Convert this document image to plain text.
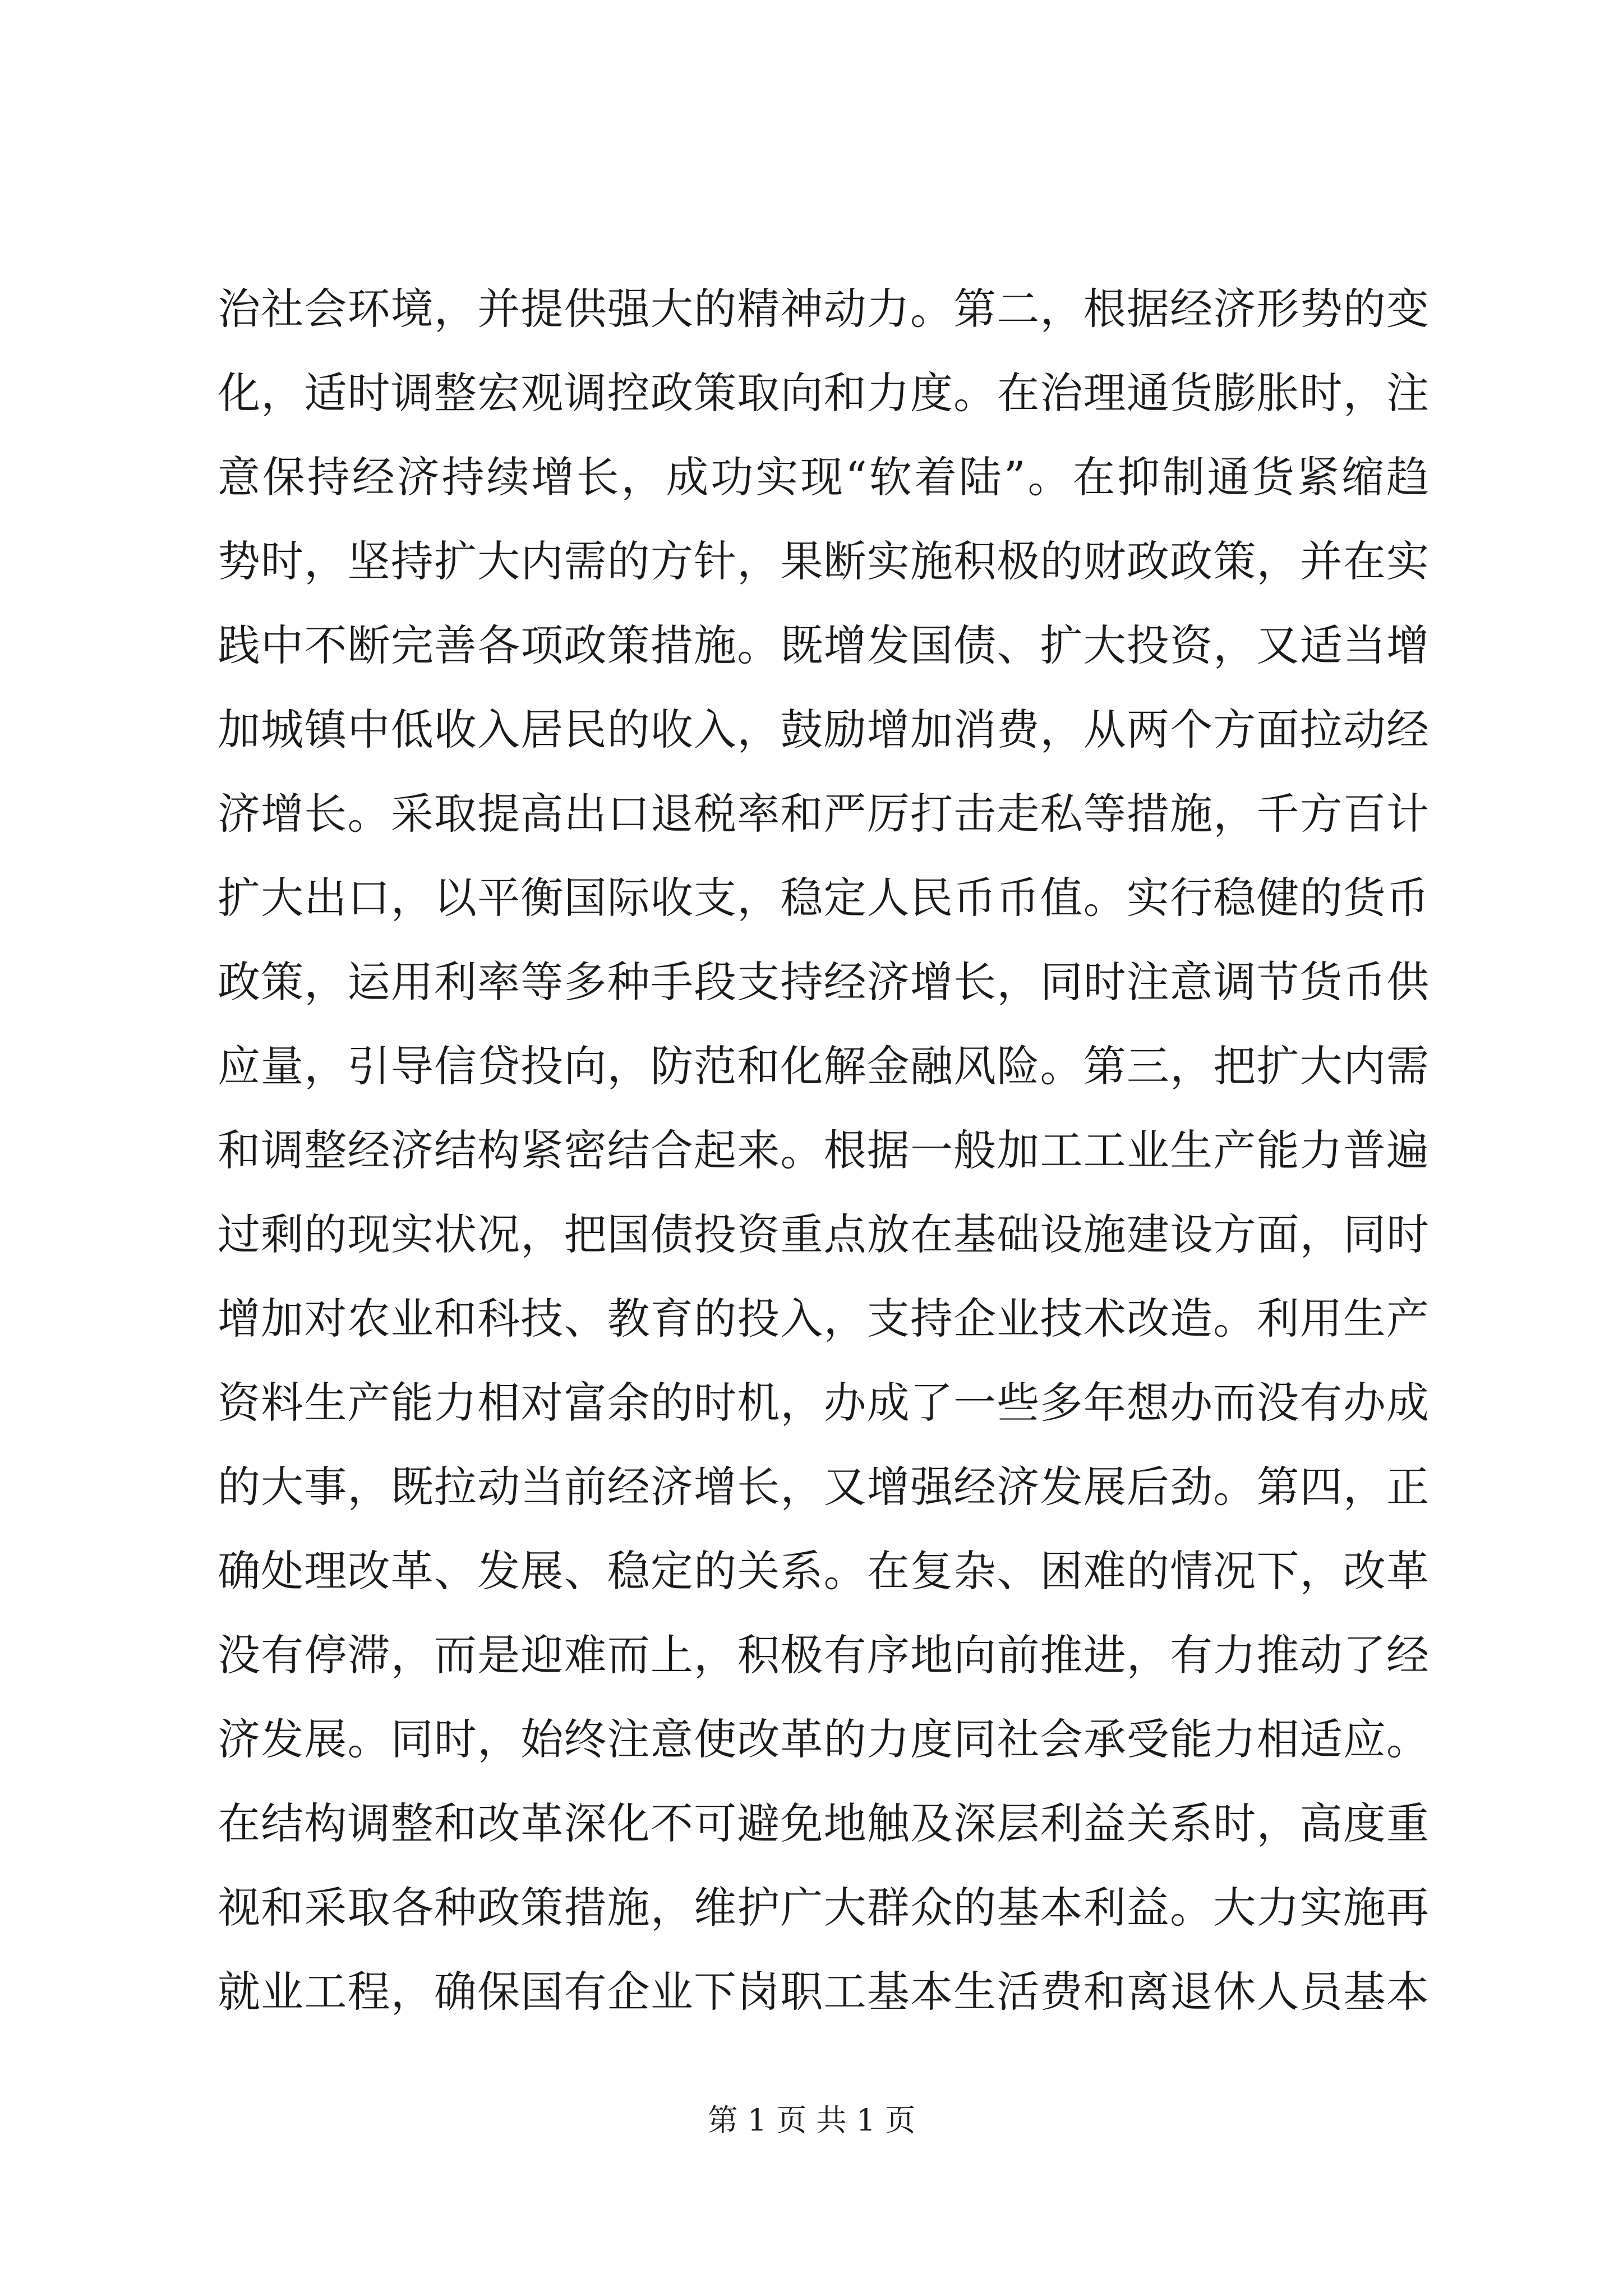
治社会环境，并提供强大的精神动力。第二，根据经济形势的变
化，适时调整宏观调控政策取向和力度。在治理通货膨胀时，注
意保持经济持续增长，成功实现“软着陆”。在抑制通货紧缩趋
势时，坚持扩大内需的方针，果断实施积极的财政政策，并在实
践中不断完善各项政策措施。既增发国债、扩大投资，又适当增
加城镇中低收入居民的收入，鼓励增加消费，从两个方面拉动经
济增长。采取提高出口退税率和严厉打击走私等措施，千方百计
扩大出口，以平衡国际收支，稳定人民币币值。实行稳健的货币
政策，运用利率等多种手段支持经济增长，同时注意调节货币供
应量，引导信贷投向，防范和化解金融风险。第三，把扩大内需
和调整经济结构紧密结合起来。根据一般加工工业生产能力普遍
过剩的现实状况，把国债投资重点放在基础设施建设方面，同时
增加对农业和科技、教育的投入，支持企业技术改造。利用生产
资料生产能力相对富余的时机，办成了一些多年想办而没有办成
的大事，既拉动当前经济增长，又增强经济发展后劲。第四，正
确处理改革、发展、稳定的关系。在复杂、困难的情况下，改革
没有停滞，而是迎难而上，积极有序地向前推进，有力推动了经
济发展。同时，始终注意使改革的力度同社会承受能力相适应。
在结构调整和改革深化不可避免地触及深层利益关系时，高度重
视和采取各种政策措施，维护广大群众的基本利益。大力实施再
就业工程，确保国有企业下岗职工基本生活费和离退休人员基本
第 1 页 共 1 页
